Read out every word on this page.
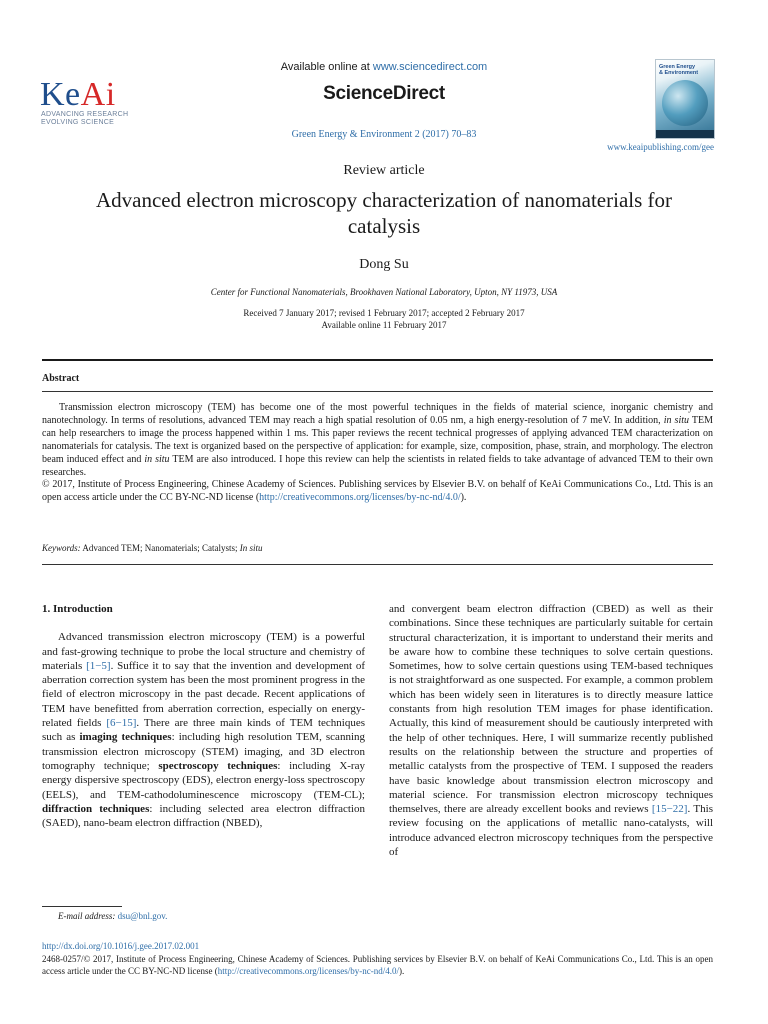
KeAi
ADVANCING RESEARCH
EVOLVING SCIENCE
Available online at www.sciencedirect.com
ScienceDirect
Green Energy & Environment 2 (2017) 70–83
Green Energy
& Environment
www.keaipublishing.com/gee
Review article
Advanced electron microscopy characterization of nanomaterials for catalysis
Dong Su
Center for Functional Nanomaterials, Brookhaven National Laboratory, Upton, NY 11973, USA
Received 7 January 2017; revised 1 February 2017; accepted 2 February 2017
Available online 11 February 2017
Abstract

Transmission electron microscopy (TEM) has become one of the most powerful techniques in the fields of material science, inorganic chemistry and nanotechnology. In terms of resolutions, advanced TEM may reach a high spatial resolution of 0.05 nm, a high energy-resolution of 7 meV. In addition, in situ TEM can help researchers to image the process happened within 1 ms. This paper reviews the recent technical progresses of applying advanced TEM characterization on nanomaterials for catalysis. The text is organized based on the perspective of application: for example, size, composition, phase, strain, and morphology. The electron beam induced effect and in situ TEM are also introduced. I hope this review can help the scientists in related fields to take advantage of advanced TEM to their own researches.

© 2017, Institute of Process Engineering, Chinese Academy of Sciences. Publishing services by Elsevier B.V. on behalf of KeAi Communications Co., Ltd. This is an open access article under the CC BY-NC-ND license (http://creativecommons.org/licenses/by-nc-nd/4.0/).

Keywords: Advanced TEM; Nanomaterials; Catalysts; In situ

1. Introduction

Advanced transmission electron microscopy (TEM) is a powerful and fast-growing technique to probe the local structure and chemistry of materials [1−5]. Suffice it to say that the invention and development of aberration correction system has been the most prominent progress in the field of electron microscopy in the past decade. Recent applications of TEM have benefitted from aberration correction, especially on energy-related fields [6−15]. There are three main kinds of TEM techniques such as imaging techniques: including high resolution TEM, scanning transmission electron microscopy (STEM) imaging, and 3D electron tomography technique; spectroscopy techniques: including X-ray energy dispersive spectroscopy (EDS), electron energy-loss spectroscopy (EELS), and TEM-cathodoluminescence microscopy (TEM-CL); diffraction techniques: including selected area electron diffraction (SAED), nano-beam electron diffraction (NBED),

and convergent beam electron diffraction (CBED) as well as their combinations. Since these techniques are particularly suitable for certain structural characterization, it is important to understand their merits and be aware how to combine these techniques to solve certain questions. Sometimes, how to solve certain questions using TEM-based techniques is not straightforward as one suspected. For example, a common problem which has been widely seen in literatures is to directly measure lattice constants from high resolution TEM images for phase identification. Actually, this kind of measurement should be cautiously interpreted with the help of other techniques. Here, I will summarize recently published results on the relationship between the structure and properties of metallic catalysts from the prospective of TEM. I supposed the readers have basic knowledge about transmission electron microscopy and material science. For transmission electron microscopy techniques themselves, there are already excellent books and reviews [15−22]. This review focusing on the applications of metallic nano-catalysts, will introduce advanced electron microscopy techniques from the perspective of

E-mail address: dsu@bnl.gov.
http://dx.doi.org/10.1016/j.gee.2017.02.001
2468-0257/© 2017, Institute of Process Engineering, Chinese Academy of Sciences. Publishing services by Elsevier B.V. on behalf of KeAi Communications Co., Ltd. This is an open access article under the CC BY-NC-ND license (http://creativecommons.org/licenses/by-nc-nd/4.0/).
